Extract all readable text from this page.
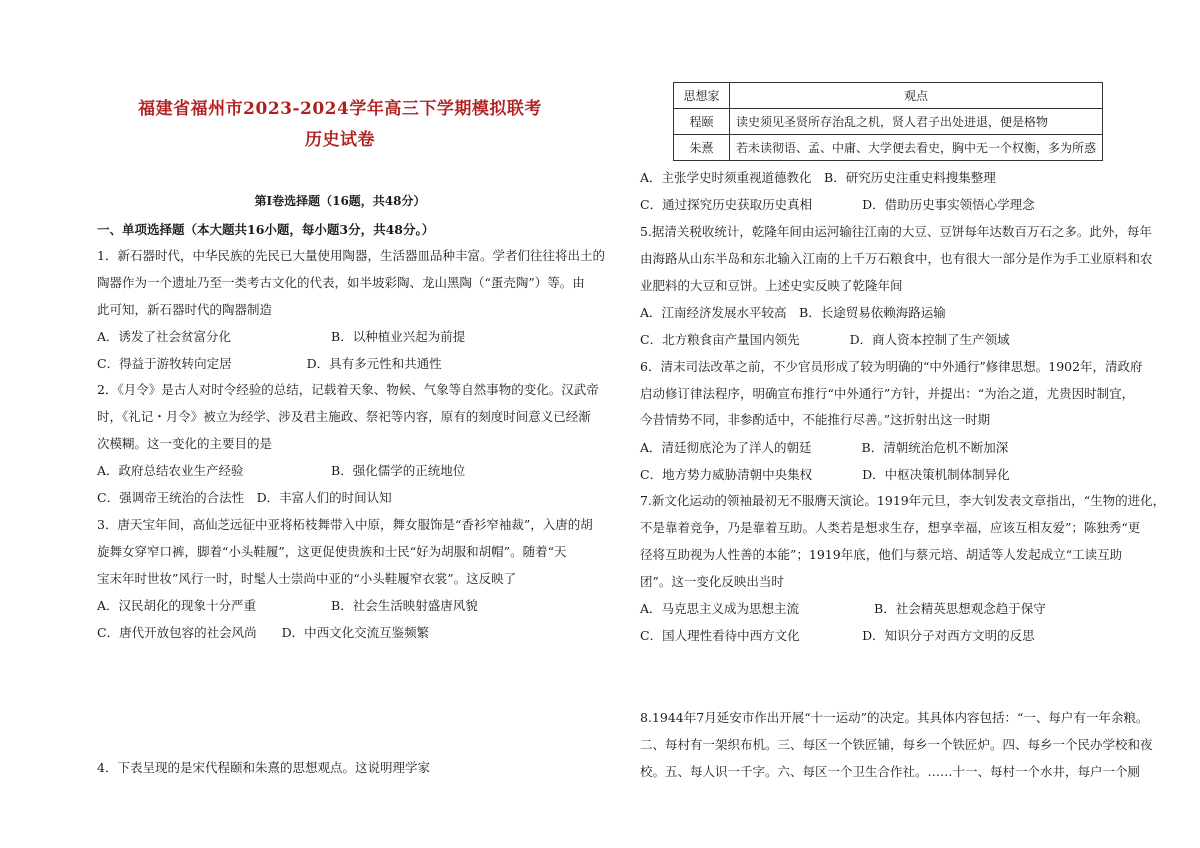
福建省福州市2023-2024学年高三下学期模拟联考
历史试卷
第I卷选择题（16题，共48分）
一、单项选择题（本大题共16小题，每小题3分，共48分。）
1．新石器时代，中华民族的先民已大量使用陶器，生活器皿品种丰富。学者们往往将出土的
陶器作为一个遗址乃至一类考古文化的代表，如半坡彩陶、龙山黑陶（“蛋壳陶”）等。由
此可知，新石器时代的陶器制造
A．诱发了社会贫富分化　　　　　　　　B．以种植业兴起为前提
C．得益于游牧转向定居　　　　　　D．具有多元性和共通性
2．《月令》是古人对时令经验的总结，记载着天象、物候、气象等自然事物的变化。汉武帝
时，《礼记・月令》被立为经学、涉及君主施政、祭祀等内容，原有的刻度时间意义已经渐
次模糊。这一变化的主要目的是
A．政府总结农业生产经验　　　　　　　B．强化儒学的正统地位
C．强调帝王统治的合法性　D．丰富人们的时间认知
3．唐天宝年间，高仙芝远征中亚将柘枝舞带入中原，舞女服饰是“香衫窄袖裁”，入唐的胡
旋舞女穿窄口裤，脚着“小头鞋履”，这更促使贵族和士民“好为胡服和胡帽”。随着“天
宝末年时世妆”风行一时，时髦人士崇尚中亚的“小头鞋履窄衣裳”。这反映了
A．汉民胡化的现象十分严重　　　　　　B．社会生活映射盛唐风貌
C．唐代开放包容的社会风尚　　D．中西文化交流互鉴频繁
4．下表呈现的是宋代程颐和朱熹的思想观点。这说明理学家
思想家	观点
程颐	读史须见圣贤所存治乱之机，贤人君子出处进退，便是格物
朱熹	若未读彻语、孟、中庸、大学便去看史，胸中无一个权衡，多为所惑
A．主张学史时须重视道德教化　B．研究历史注重史料搜集整理
C．通过探究历史获取历史真相　　　　D．借助历史事实领悟心学理念
5.据清关税收统计，乾隆年间由运河输往江南的大豆、豆饼每年达数百万石之多。此外，每年
由海路从山东半岛和东北输入江南的上千万石粮食中，也有很大一部分是作为手工业原料和农
业肥料的大豆和豆饼。上述史实反映了乾隆年间
A．江南经济发展水平较高　B．长途贸易依赖海路运输
C．北方粮食亩产量国内领先　　　　D．商人资本控制了生产领域
6．清末司法改革之前，不少官员形成了较为明确的“中外通行”修律思想。1902年，清政府
启动修订律法程序，明确宣布推行“中外通行”方针，并提出：“为治之道，尤贵因时制宜，
今昔情势不同，非参酌适中，不能推行尽善。”这折射出这一时期
A．清廷彻底沦为了洋人的朝廷　　　　B．清朝统治危机不断加深
C．地方势力威胁清朝中央集权　　　　D．中枢决策机制体制异化
7.新文化运动的领袖最初无不服膺天演论。1919年元旦，李大钊发表文章指出，“生物的进化，
不是靠着竞争，乃是靠着互助。人类若是想求生存，想享幸福，应该互相友爱”；陈独秀“更
径将互助视为人性善的本能”；1919年底，他们与蔡元培、胡适等人发起成立“工读互助
团”。这一变化反映出当时
A．马克思主义成为思想主流　　　　　　B．社会精英思想观念趋于保守
C．国人理性看待中西方文化　　　　　D．知识分子对西方文明的反思
8.1944年7月延安市作出开展“十一运动”的决定。其具体内容包括：“一、每户有一年余粮。
二、每村有一架织布机。三、每区一个铁匠铺，每乡一个铁匠炉。四、每乡一个民办学校和夜
校。五、每人识一千字。六、每区一个卫生合作社。……十一、每村一个水井，每户一个厕
